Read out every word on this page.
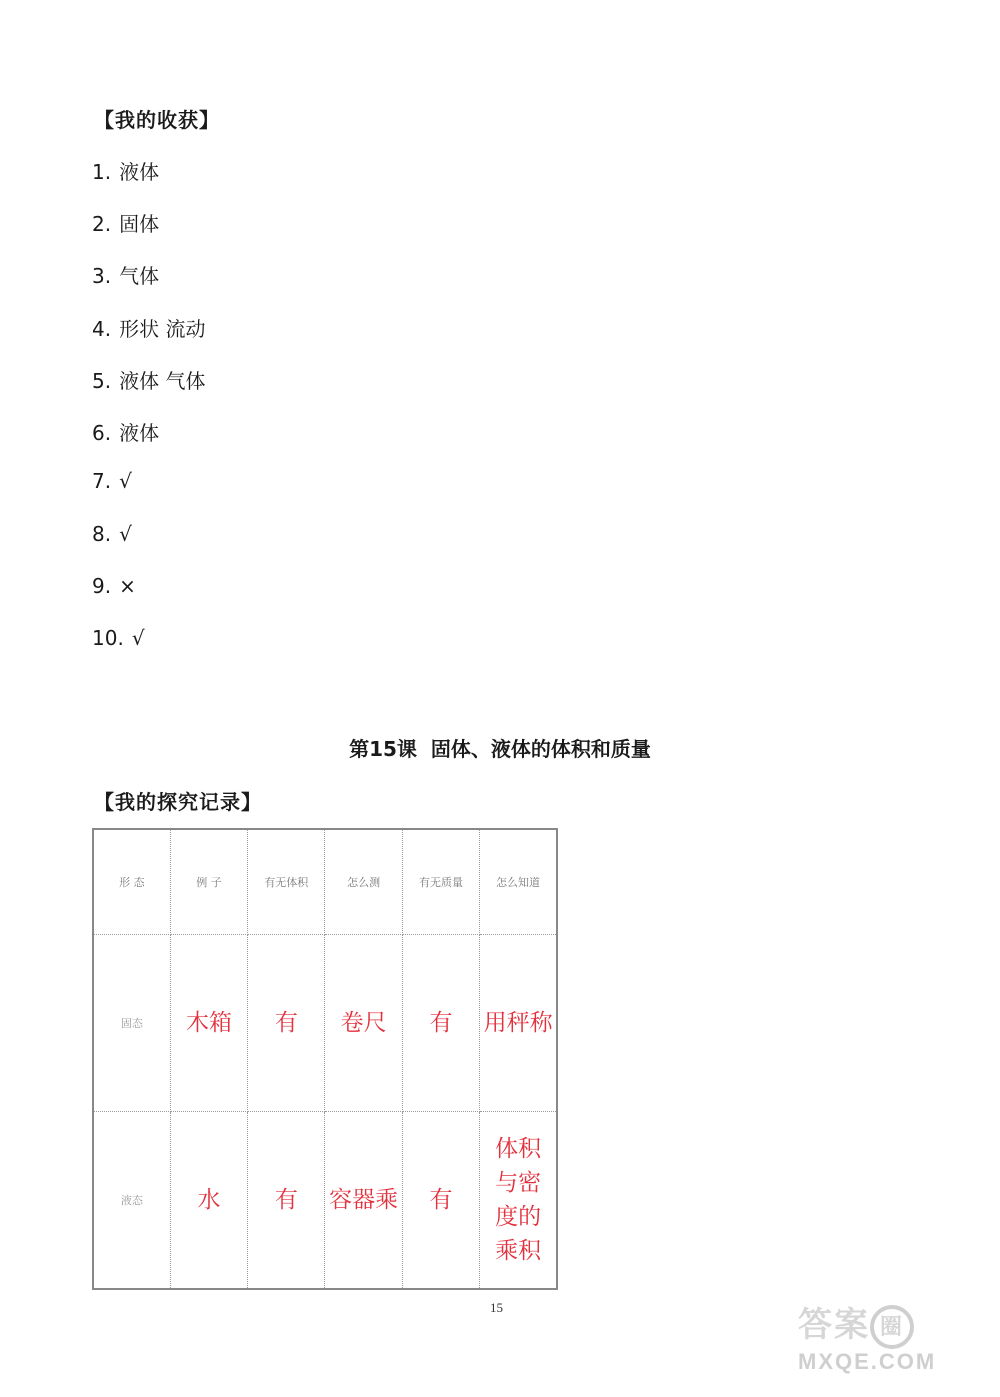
【我的收获】
1. 液体
2. 固体
3. 气体
4. 形状 流动
5. 液体 气体
6. 液体
7. √
8. √
9. ×
10. √
第15课 固体、液体的体积和质量
【我的探究记录】
形 态	例 子	有无体积	怎么测	有无质量	怎么知道
固态	木箱	有	卷尺	有	用秤称
液态	水	有	容器乘	有	体积与密度的乘积
15	答案 圈
MXQE.COM
